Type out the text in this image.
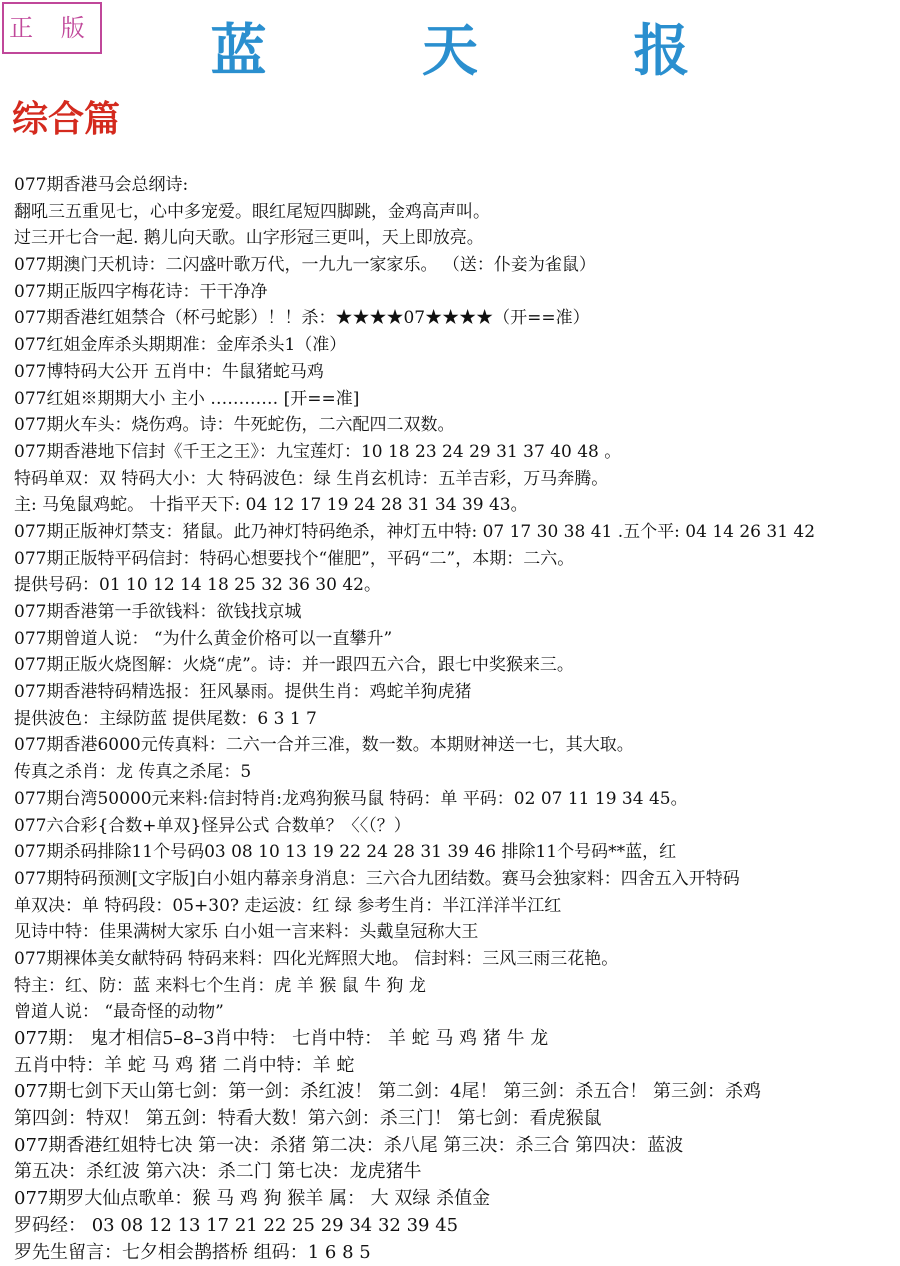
正 版	蓝 天 报
综合篇
077期香港马会总纲诗:
翻吼三五重见七，心中多宠爱。眼红尾短四脚跳，金鸡高声叫。
过三开七合一起. 鹅儿向天歌。山字形冠三更叫，天上即放亮。
077期澳门天机诗：二闪盛叶歌万代，一九九一家家乐。 （送：仆妾为雀鼠）
077期正版四字梅花诗：干干净净
077期香港红姐禁合（杯弓蛇影）！！杀：★★★★07★★★★（开==准）
077红姐金库杀头期期准：金库杀头1（准）
077博特码大公开 五肖中：牛鼠猪蛇马鸡
077红姐※期期大小 主小 ………… [开==准]
077期火车头：烧伤鸡。诗：牛死蛇伤，二六配四二双数。
077期香港地下信封《千王之王》：九宝莲灯：10 18 23 24 29 31 37 40 48 。
特码单双：双 特码大小：大 特码波色：绿 生肖玄机诗：五羊吉彩，万马奔腾。
主: 马兔鼠鸡蛇。 十指平天下: 04 12 17 19 24 28 31 34 39 43。
077期正版神灯禁支：猪鼠。此乃神灯特码绝杀，神灯五中特: 07 17 30 38 41 .五个平: 04 14 26 31 42
077期正版特平码信封：特码心想要找个“催肥”，平码“二”，本期：二六。
提供号码：01 10 12 14 18 25 32 36 30 42。
077期香港第一手欲钱料：欲钱找京城
077期曾道人说： “为什么黄金价格可以一直攀升”
077期正版火烧图解：火烧“虎”。诗：并一跟四五六合，跟七中奖猴来三。
077期香港特码精选报：狂风暴雨。提供生肖：鸡蛇羊狗虎猪
提供波色：主绿防蓝 提供尾数：6 3 1 7
077期香港6000元传真料：二六一合并三准，数一数。本期财神送一七，其大取。
传真之杀肖：龙 传真之杀尾：5
077期台湾50000元来料:信封特肖:龙鸡狗猴马鼠 特码：单 平码：02 07 11 19 34 45。
077六合彩{合数+单双}怪异公式 合数单？〈〈（？）
077期杀码排除11个号码03 08 10 13 19 22 24 28 31 39 46 排除11个号码**蓝，红
077期特码预测[文字版]白小姐内幕亲身消息：三六合九团结数。赛马会独家料：四舍五入开特码
单双决：单 特码段：05+30? 走运波：红 绿 参考生肖：半江洋洋半江红
见诗中特：佳果满树大家乐 白小姐一言来料：头戴皇冠称大王
077期裸体美女献特码 特码来料：四化光辉照大地。 信封料：三风三雨三花艳。
特主：红、防：蓝 来料七个生肖：虎 羊 猴 鼠 牛 狗 龙
曾道人说： “最奇怪的动物”
077期： 鬼才相信5–8–3肖中特： 七肖中特： 羊 蛇 马 鸡 猪 牛 龙
五肖中特：羊 蛇 马 鸡 猪 二肖中特：羊 蛇
077期七剑下天山第七剑：第一剑：杀红波！ 第二剑：4尾！ 第三剑：杀五合！ 第三剑：杀鸡
第四剑：特双！ 第五剑：特看大数！第六剑：杀三门！ 第七剑：看虎猴鼠
077期香港红姐特七决 第一决：杀猪 第二决：杀八尾 第三决：杀三合 第四决：蓝波
第五决：杀红波 第六决：杀二门 第七决：龙虎猪牛
077期罗大仙点歌单：猴 马 鸡 狗 猴羊 属： 大 双绿 杀值金
罗码经： 03 08 12 13 17 21 22 25 29 34 32 39 45
罗先生留言：七夕相会鹊搭桥 组码：1 6 8 5
